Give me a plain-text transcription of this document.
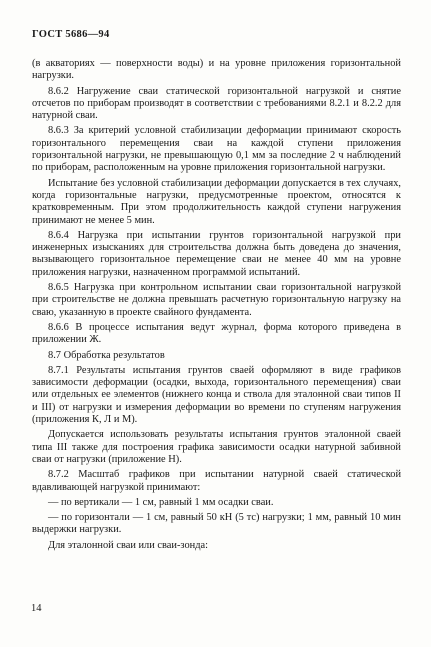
ГОСТ 5686—94

(в акваториях — поверхности воды) и на уровне приложения горизонтальной нагрузки.

8.6.2 Нагружение сваи статической горизонтальной нагрузкой и снятие отсчетов по приборам производят в соответствии с требованиями 8.2.1 и 8.2.2 для натурной сваи.

8.6.3 За критерий условной стабилизации деформации принимают скорость горизонтального перемещения сваи на каждой ступени приложения горизонтальной нагрузки, не превышающую 0,1 мм за последние 2 ч наблюдений по приборам, расположенным на уровне приложения горизонтальной нагрузки.

Испытание без условной стабилизации деформации допускается в тех случаях, когда горизонтальные нагрузки, предусмотренные проектом, относятся к кратковременным. При этом продолжительность каждой ступени нагружения принимают не менее 5 мин.

8.6.4 Нагрузка при испытании грунтов горизонтальной нагрузкой при инженерных изысканиях для строительства должна быть доведена до значения, вызывающего горизонтальное перемещение сваи не менее 40 мм на уровне приложения нагрузки, назначенном программой испытаний.

8.6.5 Нагрузка при контрольном испытании сваи горизонтальной нагрузкой при строительстве не должна превышать расчетную горизонтальную нагрузку на сваю, указанную в проекте свайного фундамента.

8.6.6 В процессе испытания ведут журнал, форма которого приведена в приложении Ж.

8.7 Обработка результатов

8.7.1 Результаты испытания грунтов сваей оформляют в виде графиков зависимости деформации (осадки, выхода, горизонтального перемещения) сваи или отдельных ее элементов (нижнего конца и ствола для эталонной сваи типов II и III) от нагрузки и измерения деформации во времени по ступеням нагружения (приложения К, Л и М).

Допускается использовать результаты испытания грунтов эталонной сваей типа III также для построения графика зависимости осадки натурной забивной сваи от нагрузки (приложение Н).

8.7.2 Масштаб графиков при испытании натурной сваей статической вдавливающей нагрузкой принимают:

— по вертикали — 1 см, равный 1 мм осадки сваи.

— по горизонтали — 1 см, равный 50 кН (5 тс) нагрузки; 1 мм, равный 10 мин выдержки нагрузки.

Для эталонной сваи или сваи-зонда:

14
